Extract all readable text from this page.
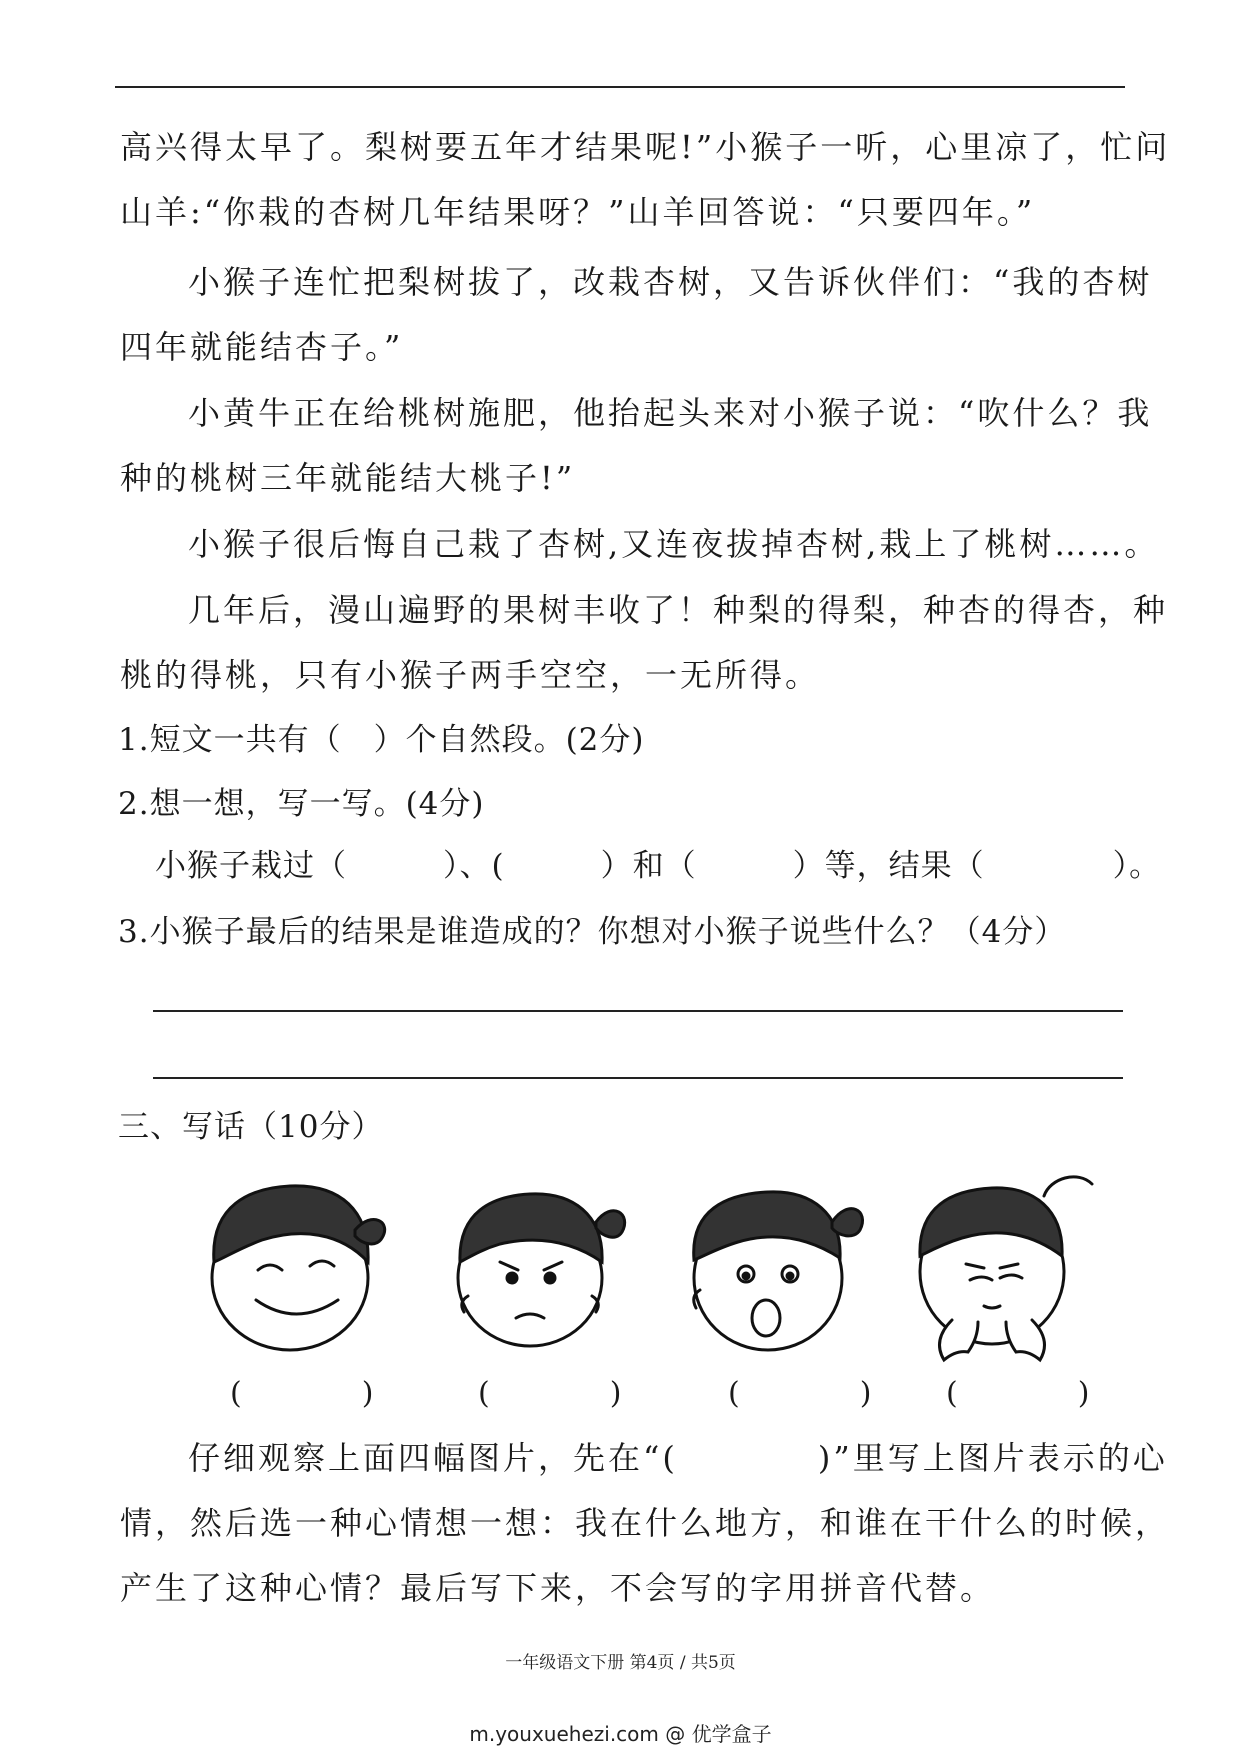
高兴得太早了。梨树要五年才结果呢!”小猴子一听，心里凉了，忙问
山羊:“你栽的杏树几年结果呀？”山羊回答说：“只要四年。”
小猴子连忙把梨树拔了，改栽杏树，又告诉伙伴们：“我的杏树
四年就能结杏子。”
小黄牛正在给桃树施肥，他抬起头来对小猴子说：“吹什么？我
种的桃树三年就能结大桃子!”
小猴子很后悔自己栽了杏树,又连夜拔掉杏树,栽上了桃树……。
几年后，漫山遍野的果树丰收了！种梨的得梨，种杏的得杏，种
桃的得桃，只有小猴子两手空空，一无所得。
1.短文一共有（　）个自然段。(2分)
2.想一想，写一写。(4分)
小猴子栽过（　　　）、(　　　）和（　　　）等，结果（　　　　）。
3.小猴子最后的结果是谁造成的？你想对小猴子说些什么？（4分）
三、写话（10分）
(　　　　)	(　　　　)	(　　　　) (　　　　)
仔细观察上面四幅图片，先在“(　　　　)”里写上图片表示的心
情，然后选一种心情想一想：我在什么地方，和谁在干什么的时候，
产生了这种心情？最后写下来，不会写的字用拼音代替。
一年级语文下册 第4页 / 共5页
m.youxuehezi.com @ 优学盒子
